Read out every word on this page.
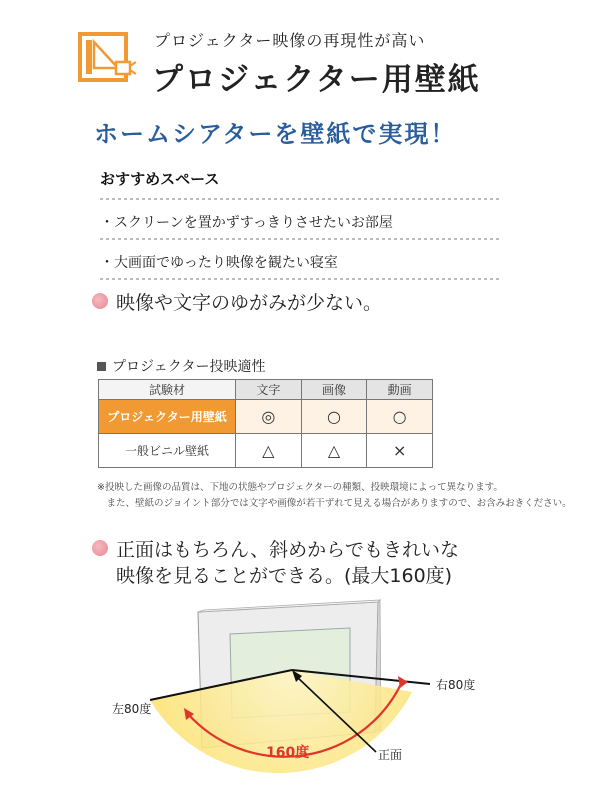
プロジェクター映像の再現性が高い
プロジェクター用壁紙
ホームシアターを壁紙で実現！
おすすめスペース
・スクリーンを置かずすっきりさせたいお部屋
・大画面でゆったり映像を観たい寝室
映像や文字のゆがみが少ない。
プロジェクター投映適性
試験材	文字	画像	動画
プロジェクター用壁紙	◎	○	○
一般ビニル壁紙	△	△	×
※投映した画像の品質は、下地の状態やプロジェクターの種類、投映環境によって異なります。
　また、壁紙のジョイント部分では文字や画像が若干ずれて見える場合がありますので、お含みおきください。
正面はもちろん、斜めからでもきれいな
映像を見ることができる。(最大160度)
左80度
右80度
160度	正面
